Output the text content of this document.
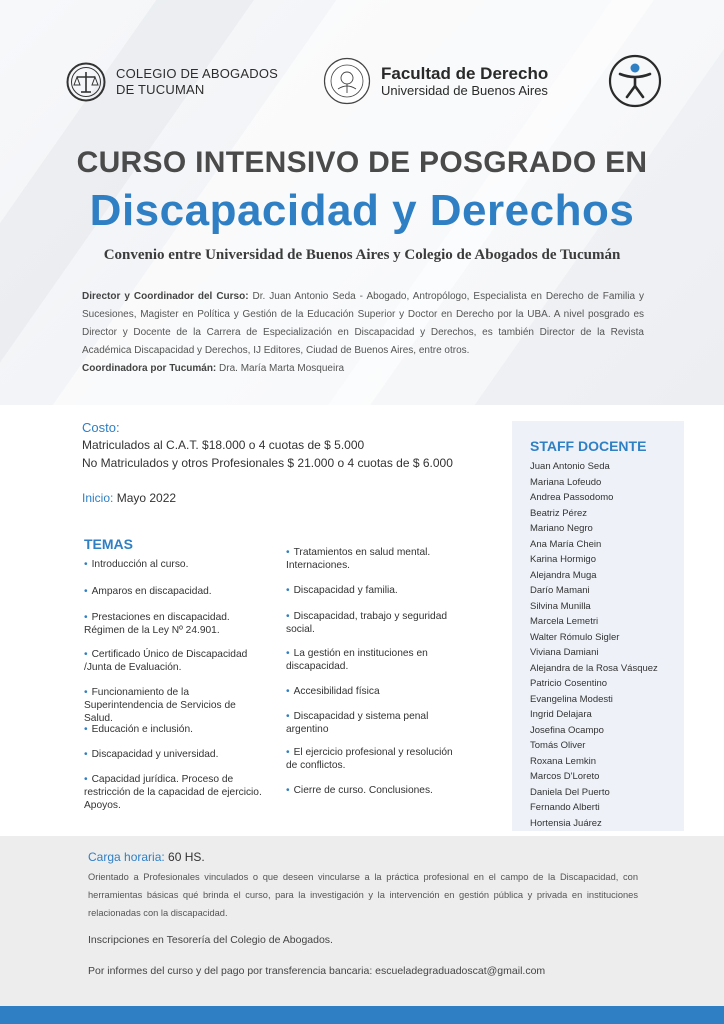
COLEGIO DE ABOGADOS
DE TUCUMAN
Facultad de Derecho
Universidad de Buenos Aires
CURSO INTENSIVO DE POSGRADO EN
Discapacidad y Derechos
Convenio entre Universidad de Buenos Aires y Colegio de Abogados de Tucumán
Director y Coordinador del Curso: Dr. Juan Antonio Seda - Abogado, Antropólogo, Especialista en Derecho de Familia y Sucesiones, Magister en Política y Gestión de la Educación Superior y Doctor en Derecho por la UBA. A nivel posgrado es Director y Docente de la Carrera de Especialización en Discapacidad y Derechos, es también Director de la Revista Académica Discapacidad y Derechos, IJ Editores, Ciudad de Buenos Aires, entre otros.
Coordinadora por Tucumán: Dra. María Marta Mosqueira
Costo:
Matriculados al C.A.T. $18.000 o 4 cuotas de $ 5.000
No Matriculados y otros Profesionales $ 21.000 o 4 cuotas de $ 6.000
Inicio: Mayo 2022
TEMAS
• Introducción al curso.
• Amparos en discapacidad.
• Prestaciones en discapacidad. Régimen de la Ley Nº 24.901.
• Certificado Único de Discapacidad /Junta de Evaluación.
• Funcionamiento de la Superintendencia de Servicios de Salud.
• Educación e inclusión.
• Discapacidad y universidad.
• Capacidad jurídica. Proceso de restricción de la capacidad de ejercicio. Apoyos.
• Tratamientos en salud mental. Internaciones.
• Discapacidad y familia.
• Discapacidad, trabajo y seguridad social.
• La gestión en instituciones en discapacidad.
• Accesibilidad física
• Discapacidad y sistema penal argentino
• El ejercicio profesional y resolución de conflictos.
• Cierre de curso. Conclusiones.
STAFF DOCENTE
Juan Antonio Seda
Mariana Lofeudo
Andrea Passodomo
Beatriz Pérez
Mariano Negro
Ana María Chein
Karina Hormigo
Alejandra Muga
Darío Mamani
Silvina Munilla
Marcela Lemetri
Walter Rómulo Sigler
Viviana Damiani
Alejandra de la Rosa Vásquez
Patricio Cosentino
Evangelina Modesti
Ingrid Delajara
Josefina Ocampo
Tomás Oliver
Roxana Lemkin
Marcos D'Loreto
Daniela Del Puerto
Fernando Alberti
Hortensia Juárez
Carga horaria: 60 HS.
Orientado a Profesionales vinculados o que deseen vincularse a la práctica profesional en el campo de la Discapacidad, con herramientas básicas qué brinda el curso, para la investigación y la intervención en gestión pública y privada en instituciones relacionadas con la discapacidad.
Inscripciones en Tesorería del Colegio de Abogados.
Por informes del curso y del pago por transferencia bancaria: escueladegraduadoscat@gmail.com
